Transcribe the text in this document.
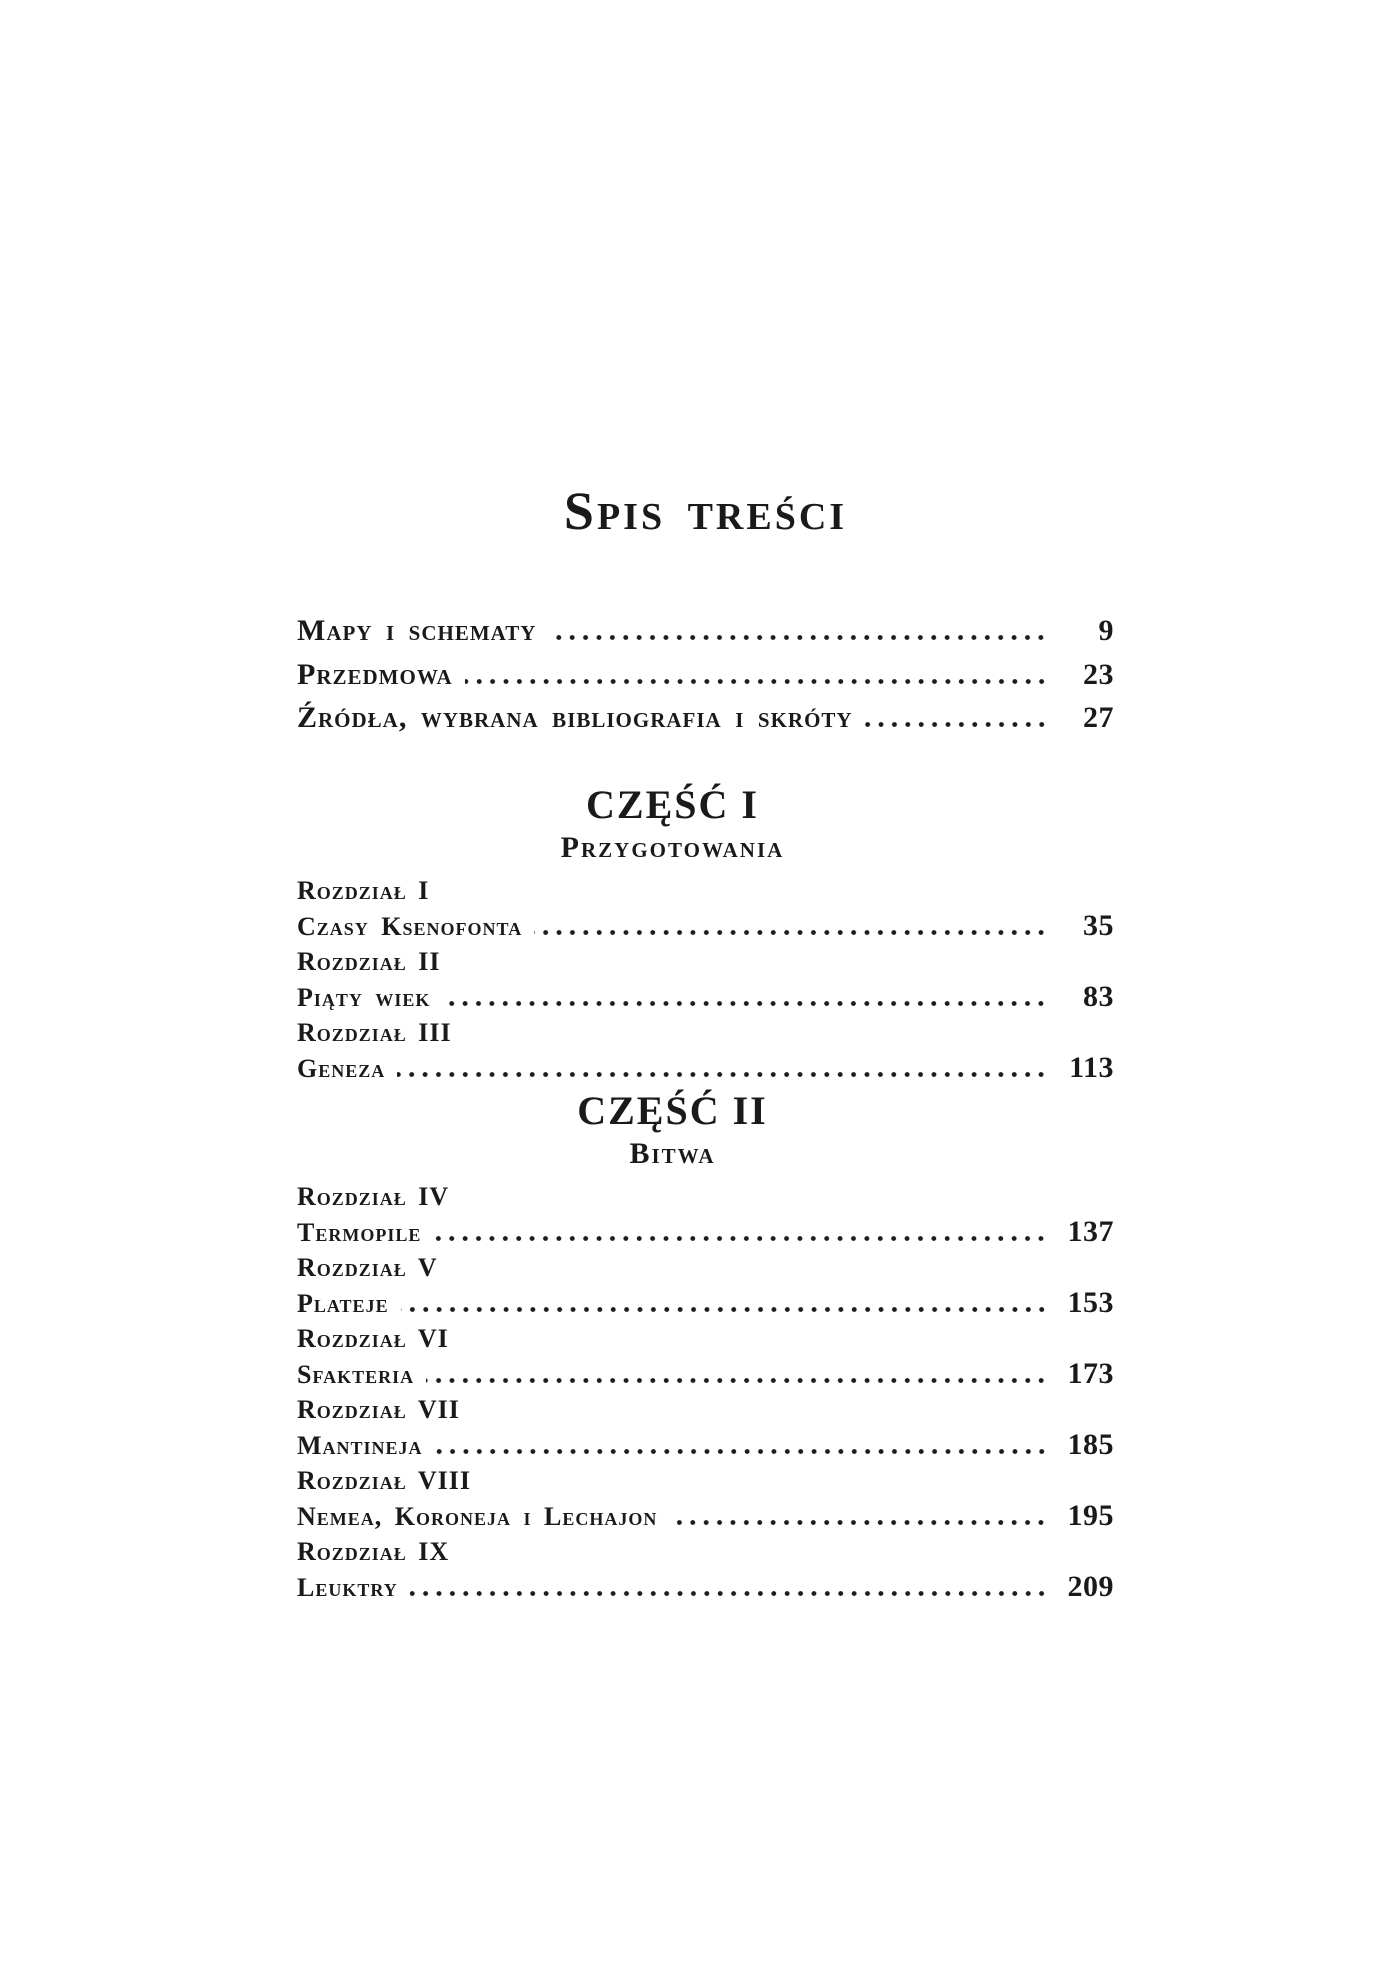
Spis treści
Mapy i schematy	9
Przedmowa	23
Źródła, wybrana bibliografia i skróty	27
CZĘŚĆ I
Przygotowania
Rozdział I
Czasy Ksenofonta	35
Rozdział II
Piąty wiek	83
Rozdział III
Geneza	113
CZĘŚĆ II
Bitwa
Rozdział IV
Termopile	137
Rozdział V
Plateje	153
Rozdział VI
Sfakteria	173
Rozdział VII
Mantineja	185
Rozdział VIII
Nemea, Koroneja i Lechajon	195
Rozdział IX
Leuktry	209
